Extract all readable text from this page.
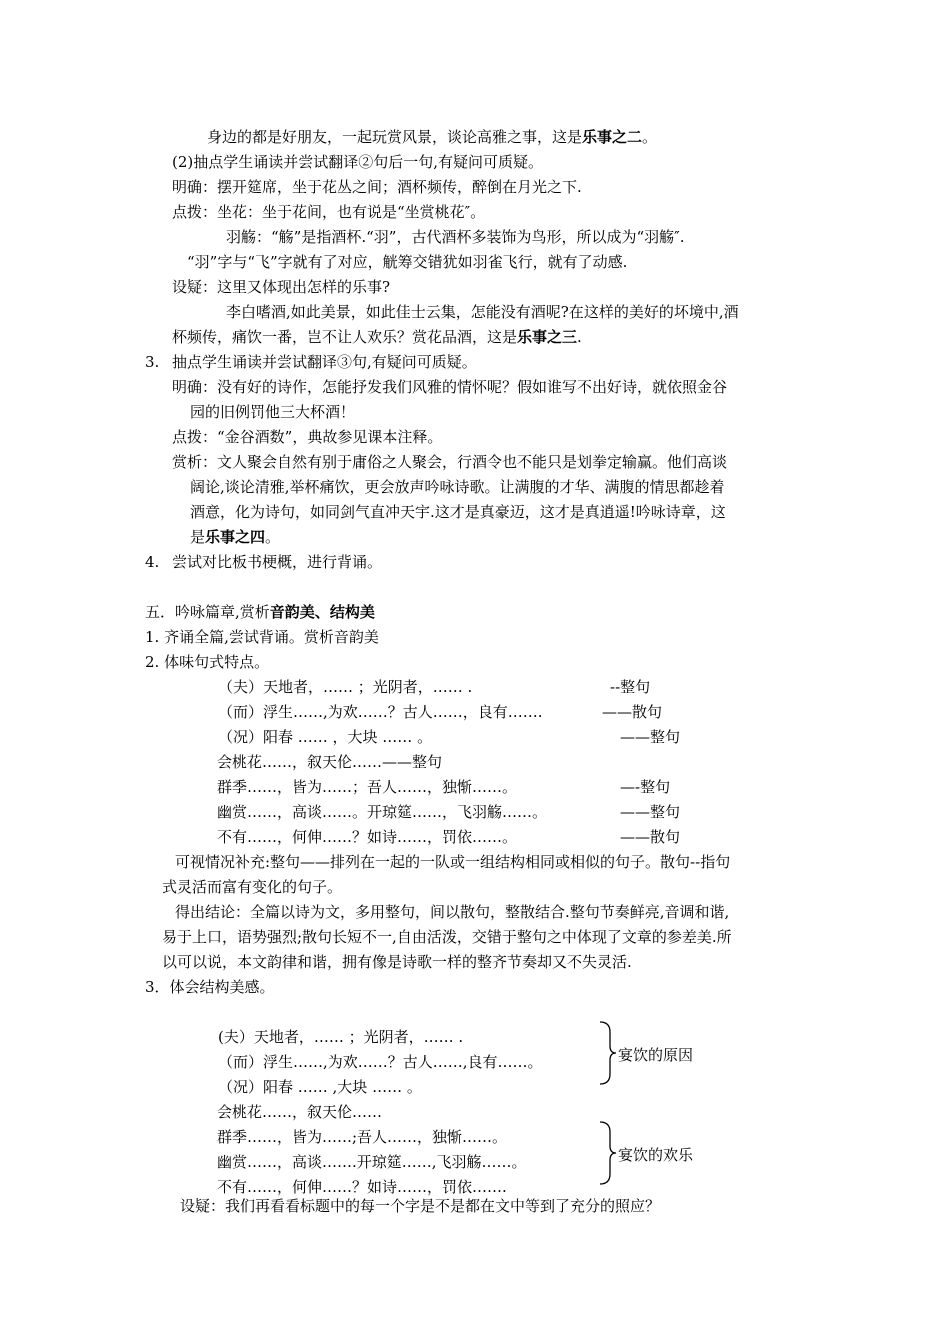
身边的都是好朋友，一起玩赏风景，谈论高雅之事，这是乐事之二。
(2)抽点学生诵读并尝试翻译②句后一句,有疑问可质疑。
明确：摆开筵席，坐于花丛之间；酒杯频传，醉倒在月光之下.
点拨：坐花：坐于花间，也有说是“坐赏桃花″。
羽觞：“觞”是指酒杯.“羽”，古代酒杯多装饰为鸟形，所以成为“羽觞″.
“羽”字与“飞”字就有了对应，觥筹交错犹如羽雀飞行，就有了动感.
设疑：这里又体现出怎样的乐事?
李白嗜酒,如此美景，如此佳士云集，怎能没有酒呢?在这样的美好的坏境中,酒
杯频传，痛饮一番，岂不让人欢乐？赏花品酒，这是乐事之三.
3. 抽点学生诵读并尝试翻译③句,有疑问可质疑。
明确：没有好的诗作，怎能抒发我们风雅的情怀呢？假如谁写不出好诗，就依照金谷
园的旧例罚他三大杯酒！
点拨：“金谷酒数”，典故参见课本注释。
赏析：文人聚会自然有别于庸俗之人聚会，行酒令也不能只是划拳定输赢。他们高谈
阔论,谈论清雅,举杯痛饮，更会放声吟咏诗歌。让满腹的才华、满腹的情思都趁着
酒意，化为诗句，如同剑气直冲天宇.这才是真豪迈，这才是真逍遥!吟咏诗章，这
是乐事之四。
4. 尝试对比板书梗概，进行背诵。
五．吟咏篇章,赏析音韵美、结构美
1. 齐诵全篇,尝试背诵。赏析音韵美
2. 体味句式特点。
（夫）天地者，…… ；光阴者，…… .	--整句
（而）浮生……,为欢……？古人……，良有…….	——散句
（况）阳春 …… ，大块 …… 。	——整句
会桃花……，叙天伦……——整句
群季……，皆为……；吾人……，独惭……。	—-整句
幽赏……，高谈……。开琼筵……，飞羽觞……。	——整句
不有……，何伸……？如诗……，罚依……。	——散句
可视情况补充:整句——排列在一起的一队或一组结构相同或相似的句子。散句--指句
式灵活而富有变化的句子。
得出结论：全篇以诗为文，多用整句，间以散句，整散结合.整句节奏鲜亮,音调和谐,
易于上口，语势强烈;散句长短不一,自由活泼，交错于整句之中体现了文章的参差美.所
以可以说，本文韵律和谐，拥有像是诗歌一样的整齐节奏却又不失灵活.
3．体会结构美感。
(夫）天地者，…… ；光阴者，…… .
（而）浮生……,为欢……？古人……,良有……。
（况）阳春 …… ,大块 …… 。
会桃花……，叙天伦……
群季……，皆为……;吾人……，独惭……。
幽赏……，高谈…….开琼筵……,飞羽觞……。
不有……，何伸……？如诗……，罚依…….
宴饮的原因
宴饮的欢乐
设疑：我们再看看标题中的每一个字是不是都在文中等到了充分的照应？
